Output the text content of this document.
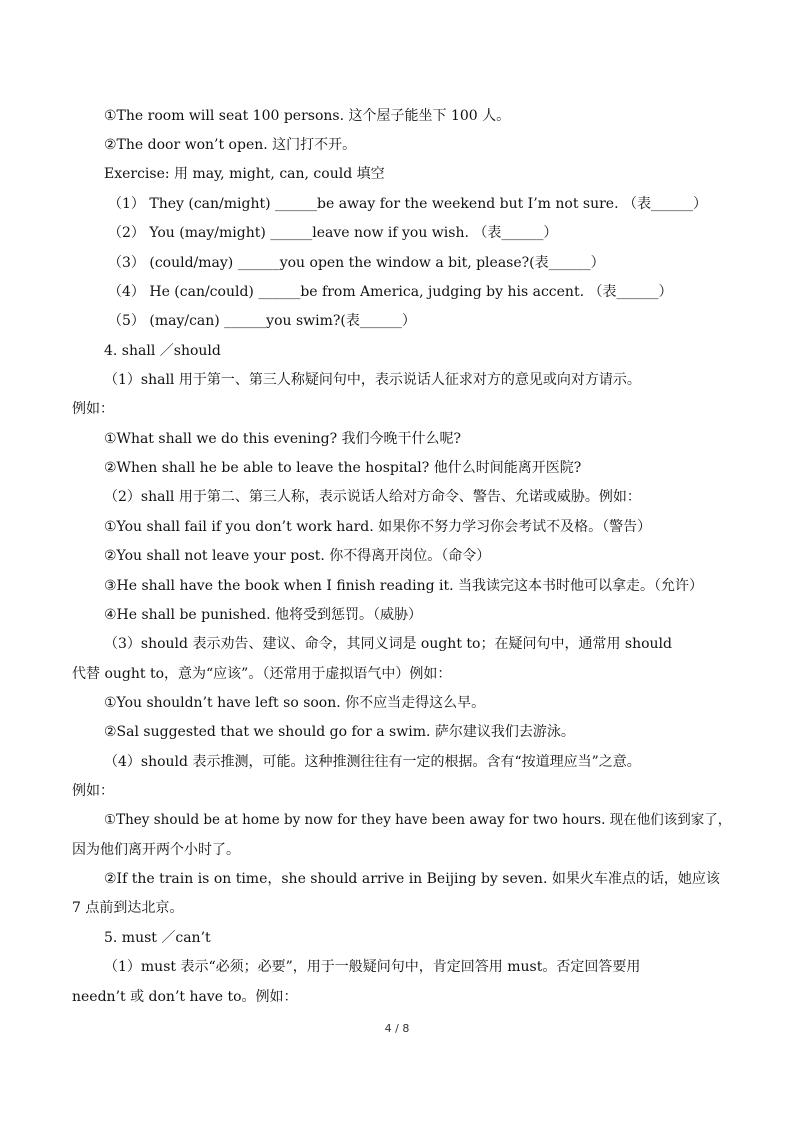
①The room will seat 100 persons. 这个屋子能坐下 100 人。
②The door won’t open. 这门打不开。
Exercise: 用 may, might, can, could 填空
（1） They (can/might) ______be away for the weekend but I’m not sure. （表______）
（2） You (may/might) ______leave now if you wish. （表______）
（3） (could/may) ______you open the window a bit, please?(表______）
（4） He (can/could) ______be from America, judging by his accent. （表______）
（5） (may/can) ______you swim?(表______）
4. shall ／should
（1）shall 用于第一、第三人称疑问句中，表示说话人征求对方的意见或向对方请示。
例如：
①What shall we do this evening? 我们今晚干什么呢?
②When shall he be able to leave the hospital? 他什么时间能离开医院?
（2）shall 用于第二、第三人称，表示说话人给对方命令、警告、允诺或威胁。例如：
①You shall fail if you don’t work hard. 如果你不努力学习你会考试不及格。（警告）
②You shall not leave your post. 你不得离开岗位。（命令）
③He shall have the book when I finish reading it. 当我读完这本书时他可以拿走。（允许）
④He shall be punished. 他将受到惩罚。（威胁）
（3）should 表示劝告、建议、命令，其同义词是 ought to；在疑问句中，通常用 should
代替 ought to，意为“应该”。（还常用于虚拟语气中）例如：
①You shouldn’t have left so soon. 你不应当走得这么早。
②Sal suggested that we should go for a swim. 萨尔建议我们去游泳。
（4）should 表示推测，可能。这种推测往往有一定的根据。含有“按道理应当”之意。
例如：
①They should be at home by now for they have been away for two hours. 现在他们该到家了，
因为他们离开两个小时了。
②If the train is on time，she should arrive in Beijing by seven. 如果火车准点的话，她应该
7 点前到达北京。
5. must ／can’t
（1）must 表示“必须；必要”，用于一般疑问句中，肯定回答用 must。否定回答要用
needn’t 或 don’t have to。例如：
4 / 8
